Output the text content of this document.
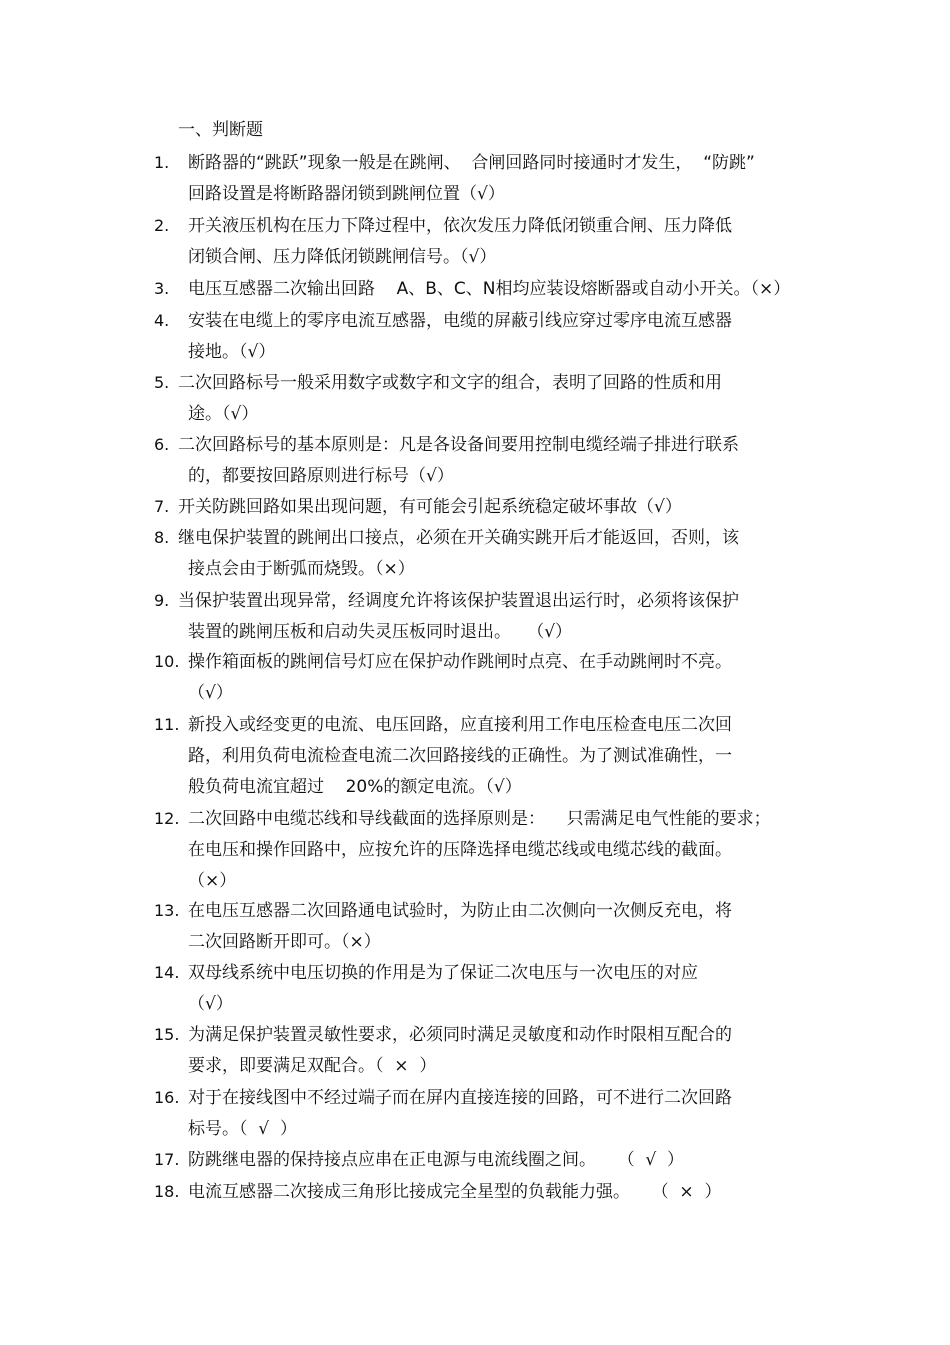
一、判断题
1. 断路器的“跳跃”现象一般是在跳闸、  合闸回路同时接通时才发生，  “防跳”
回路设置是将断路器闭锁到跳闸位置（√）
2. 开关液压机构在压力下降过程中，依次发压力降低闭锁重合闸、压力降低
闭锁合闸、压力降低闭锁跳闸信号。（√）
3. 电压互感器二次输出回路    A、B、C、N相均应装设熔断器或自动小开关。（×）
4. 安装在电缆上的零序电流互感器，电缆的屏蔽引线应穿过零序电流互感器
接地。（√）
5. 二次回路标号一般采用数字或数字和文字的组合，表明了回路的性质和用
途。（√）
6. 二次回路标号的基本原则是：凡是各设备间要用控制电缆经端子排进行联系
的，都要按回路原则进行标号（√）
7. 开关防跳回路如果出现问题，有可能会引起系统稳定破坏事故（√）
8. 继电保护装置的跳闸出口接点，必须在开关确实跳开后才能返回，否则，该
接点会由于断弧而烧毁。（×）
9. 当保护装置出现异常，经调度允许将该保护装置退出运行时，必须将该保护
装置的跳闸压板和启动失灵压板同时退出。   （√）
10. 操作箱面板的跳闸信号灯应在保护动作跳闸时点亮、在手动跳闸时不亮。
（√）
11. 新投入或经变更的电流、电压回路，应直接利用工作电压检查电压二次回
路，利用负荷电流检查电流二次回路接线的正确性。为了测试准确性，一
般负荷电流宜超过    20%的额定电流。（√）
12. 二次回路中电缆芯线和导线截面的选择原则是：    只需满足电气性能的要求；
在电压和操作回路中，应按允许的压降选择电缆芯线或电缆芯线的截面。
（×）
13. 在电压互感器二次回路通电试验时，为防止由二次侧向一次侧反充电，将
二次回路断开即可。（×）
14. 双母线系统中电压切换的作用是为了保证二次电压与一次电压的对应
（√）
15. 为满足保护装置灵敏性要求，必须同时满足灵敏度和动作时限相互配合的
要求，即要满足双配合。（  ×  ）
16. 对于在接线图中不经过端子而在屏内直接连接的回路，可不进行二次回路
标号。（  √  ）
17. 防跳继电器的保持接点应串在正电源与电流线圈之间。    （  √  ）
18. 电流互感器二次接成三角形比接成完全星型的负载能力强。    （  ×  ）
